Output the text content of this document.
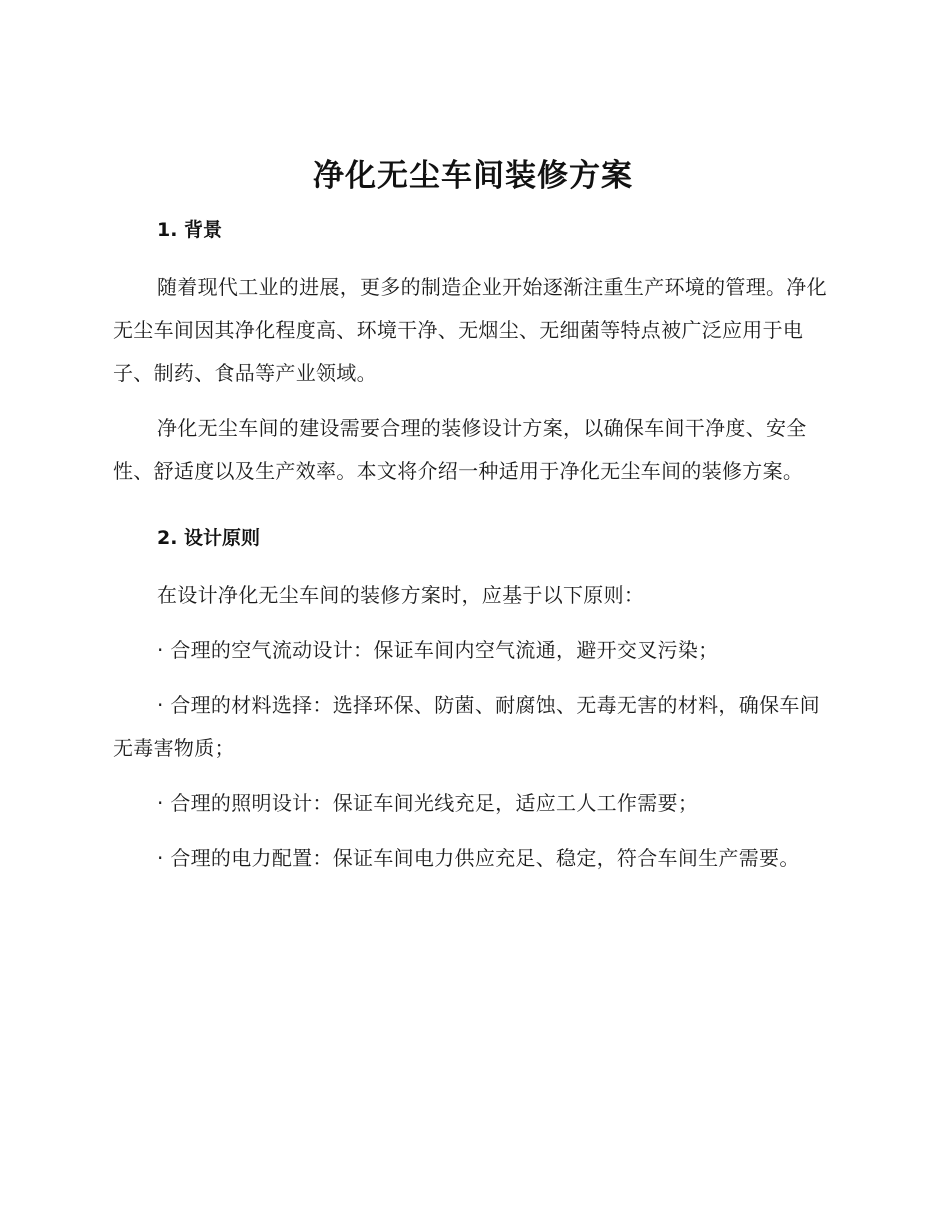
净化无尘车间装修方案
1. 背景

随着现代工业的进展，更多的制造企业开始逐渐注重生产环境的管理。净化无尘车间因其净化程度高、环境干净、无烟尘、无细菌等特点被广泛应用于电子、制药、食品等产业领域。

净化无尘车间的建设需要合理的装修设计方案，以确保车间干净度、安全性、舒适度以及生产效率。本文将介绍一种适用于净化无尘车间的装修方案。

2. 设计原则

在设计净化无尘车间的装修方案时，应基于以下原则：

· 合理的空气流动设计：保证车间内空气流通，避开交叉污染；

· 合理的材料选择：选择环保、防菌、耐腐蚀、无毒无害的材料，确保车间无毒害物质；

· 合理的照明设计：保证车间光线充足，适应工人工作需要；

· 合理的电力配置：保证车间电力供应充足、稳定，符合车间生产需要。
